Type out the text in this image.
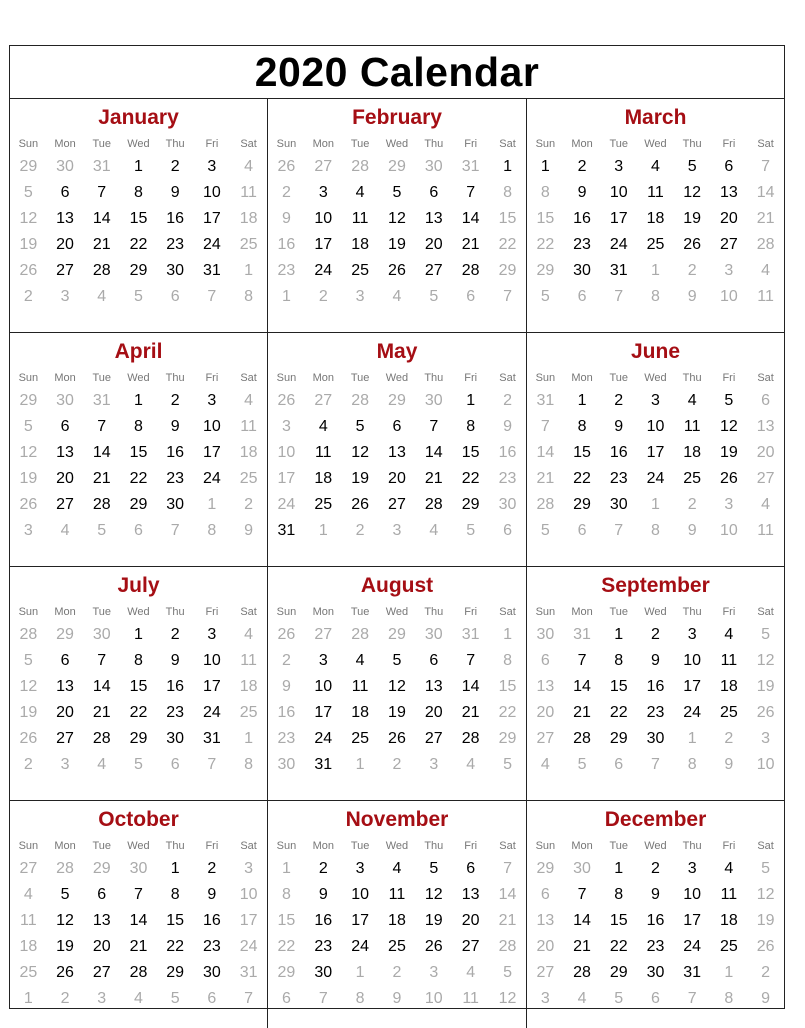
2020 Calendar
January
Sun	Mon	Tue	Wed	Thu	Fri	Sat
29	30	31	1	2	3	4
5	6	7	8	9	10	11
12	13	14	15	16	17	18
19	20	21	22	23	24	25
26	27	28	29	30	31	1
2	3	4	5	6	7	8
February
Sun	Mon	Tue	Wed	Thu	Fri	Sat
26	27	28	29	30	31	1
2	3	4	5	6	7	8
9	10	11	12	13	14	15
16	17	18	19	20	21	22
23	24	25	26	27	28	29
1	2	3	4	5	6	7
March
Sun	Mon	Tue	Wed	Thu	Fri	Sat
1	2	3	4	5	6	7
8	9	10	11	12	13	14
15	16	17	18	19	20	21
22	23	24	25	26	27	28
29	30	31	1	2	3	4
5	6	7	8	9	10	11
April
Sun	Mon	Tue	Wed	Thu	Fri	Sat
29	30	31	1	2	3	4
5	6	7	8	9	10	11
12	13	14	15	16	17	18
19	20	21	22	23	24	25
26	27	28	29	30	1	2
3	4	5	6	7	8	9
May
Sun	Mon	Tue	Wed	Thu	Fri	Sat
26	27	28	29	30	1	2
3	4	5	6	7	8	9
10	11	12	13	14	15	16
17	18	19	20	21	22	23
24	25	26	27	28	29	30
31	1	2	3	4	5	6
June
Sun	Mon	Tue	Wed	Thu	Fri	Sat
31	1	2	3	4	5	6
7	8	9	10	11	12	13
14	15	16	17	18	19	20
21	22	23	24	25	26	27
28	29	30	1	2	3	4
5	6	7	8	9	10	11
July
Sun	Mon	Tue	Wed	Thu	Fri	Sat
28	29	30	1	2	3	4
5	6	7	8	9	10	11
12	13	14	15	16	17	18
19	20	21	22	23	24	25
26	27	28	29	30	31	1
2	3	4	5	6	7	8
August
Sun	Mon	Tue	Wed	Thu	Fri	Sat
26	27	28	29	30	31	1
2	3	4	5	6	7	8
9	10	11	12	13	14	15
16	17	18	19	20	21	22
23	24	25	26	27	28	29
30	31	1	2	3	4	5
September
Sun	Mon	Tue	Wed	Thu	Fri	Sat
30	31	1	2	3	4	5
6	7	8	9	10	11	12
13	14	15	16	17	18	19
20	21	22	23	24	25	26
27	28	29	30	1	2	3
4	5	6	7	8	9	10
October
Sun	Mon	Tue	Wed	Thu	Fri	Sat
27	28	29	30	1	2	3
4	5	6	7	8	9	10
11	12	13	14	15	16	17
18	19	20	21	22	23	24
25	26	27	28	29	30	31
1	2	3	4	5	6	7
November
Sun	Mon	Tue	Wed	Thu	Fri	Sat
1	2	3	4	5	6	7
8	9	10	11	12	13	14
15	16	17	18	19	20	21
22	23	24	25	26	27	28
29	30	1	2	3	4	5
6	7	8	9	10	11	12
December
Sun	Mon	Tue	Wed	Thu	Fri	Sat
29	30	1	2	3	4	5
6	7	8	9	10	11	12
13	14	15	16	17	18	19
20	21	22	23	24	25	26
27	28	29	30	31	1	2
3	4	5	6	7	8	9
